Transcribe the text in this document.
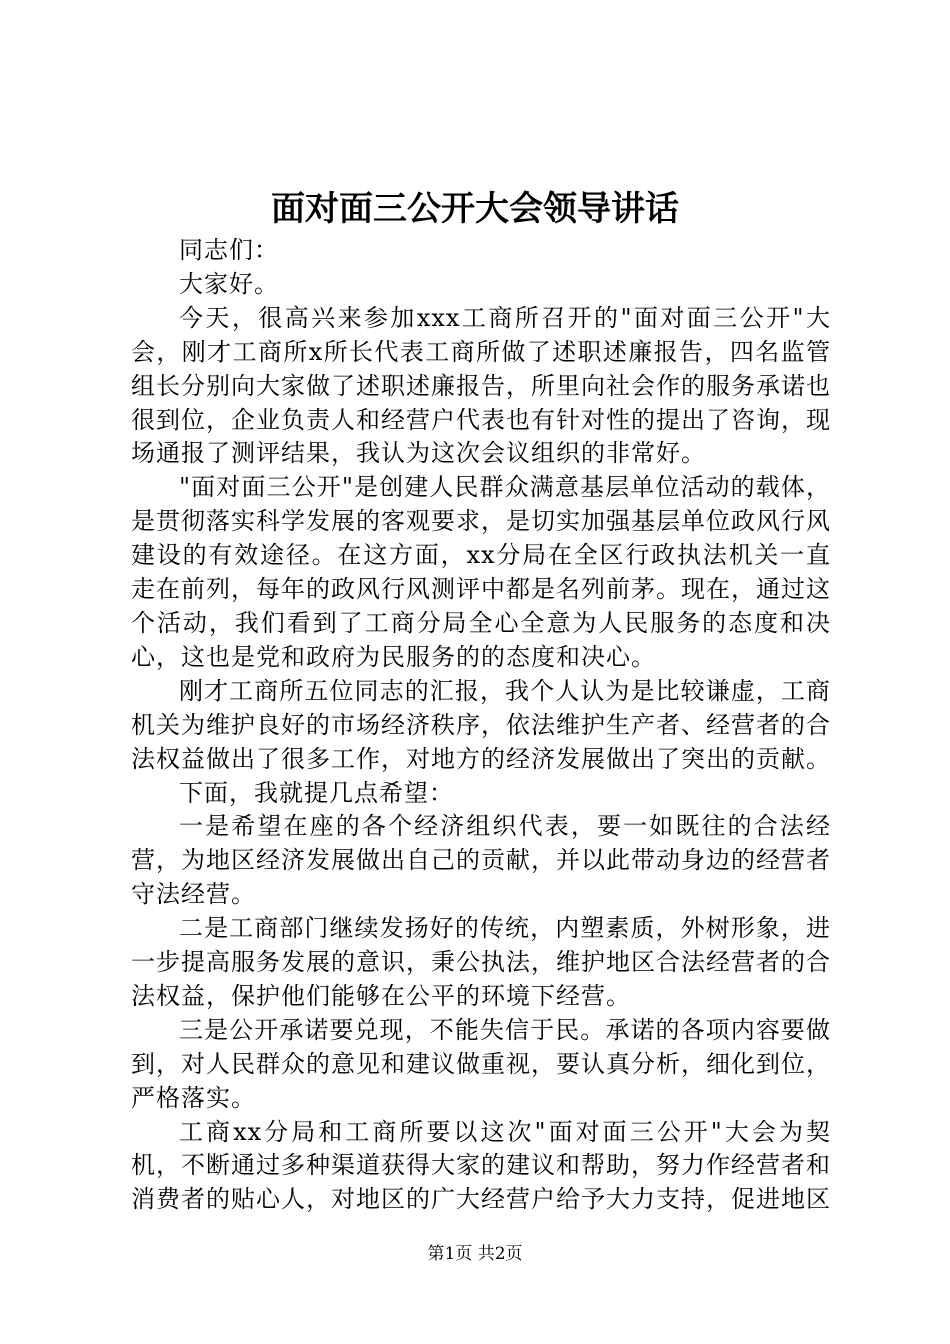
面对面三公开大会领导讲话

同志们：

大家好。

今天，很高兴来参加xxx工商所召开的"面对面三公开"大会，刚才工商所x所长代表工商所做了述职述廉报告，四名监管组长分别向大家做了述职述廉报告，所里向社会作的服务承诺也很到位，企业负责人和经营户代表也有针对性的提出了咨询，现场通报了测评结果，我认为这次会议组织的非常好。

"面对面三公开"是创建人民群众满意基层单位活动的载体，是贯彻落实科学发展的客观要求，是切实加强基层单位政风行风建设的有效途径。在这方面，xx分局在全区行政执法机关一直走在前列，每年的政风行风测评中都是名列前茅。现在，通过这个活动，我们看到了工商分局全心全意为人民服务的态度和决心，这也是党和政府为民服务的的态度和决心。

刚才工商所五位同志的汇报，我个人认为是比较谦虚，工商机关为维护良好的市场经济秩序，依法维护生产者、经营者的合法权益做出了很多工作，对地方的经济发展做出了突出的贡献。

下面，我就提几点希望：

一是希望在座的各个经济组织代表，要一如既往的合法经营，为地区经济发展做出自己的贡献，并以此带动身边的经营者守法经营。

二是工商部门继续发扬好的传统，内塑素质，外树形象，进一步提高服务发展的意识，秉公执法，维护地区合法经营者的合法权益，保护他们能够在公平的环境下经营。

三是公开承诺要兑现，不能失信于民。承诺的各项内容要做到，对人民群众的意见和建议做重视，要认真分析，细化到位，严格落实。

工商xx分局和工商所要以这次"面对面三公开"大会为契机，不断通过多种渠道获得大家的建议和帮助，努力作经营者和消费者的贴心人，对地区的广大经营户给予大力支持，促进地区

第1页 共2页
